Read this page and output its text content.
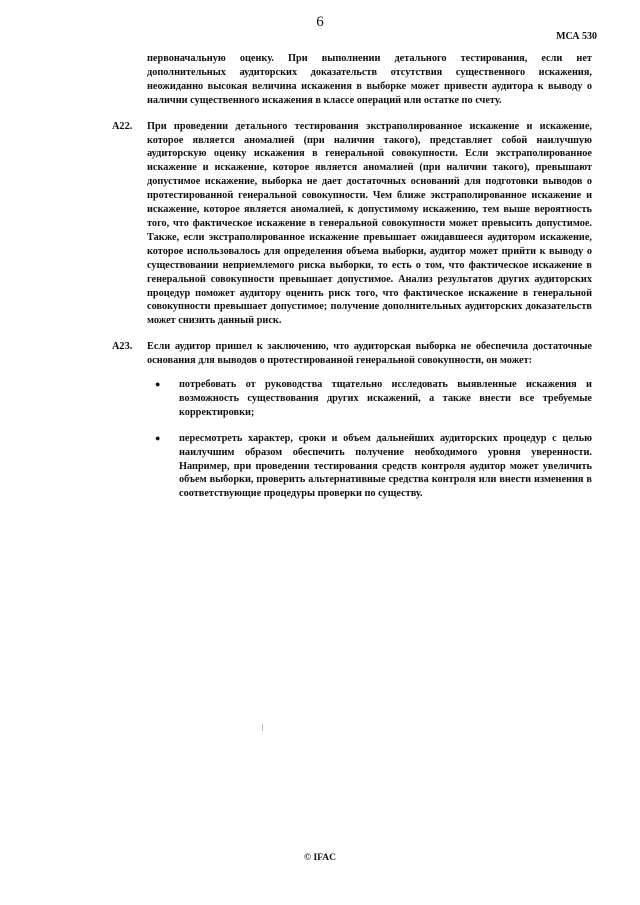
6
МСА 530

первоначальную оценку. При выполнении детального тестирования, если нет дополнительных аудиторских доказательств отсутствия существенного искажения, неожиданно высокая величина искажения в выборке может привести аудитора к выводу о наличии существенного искажения в классе операций или остатке по счету.

A22. При проведении детального тестирования экстраполированное искажение и искажение, которое является аномалией (при наличии такого), представляет собой наилучшую аудиторскую оценку искажения в генеральной совокупности. Если экстраполированное искажение и искажение, которое является аномалией (при наличии такого), превышают допустимое искажение, выборка не дает достаточных оснований для подготовки выводов о протестированной генеральной совокупности. Чем ближе экстраполированное искажение и искажение, которое является аномалией, к допустимому искажению, тем выше вероятность того, что фактическое искажение в генеральной совокупности может превысить допустимое. Также, если экстраполированное искажение превышает ожидавшееся аудитором искажение, которое использовалось для определения объема выборки, аудитор может прийти к выводу о существовании неприемлемого риска выборки, то есть о том, что фактическое искажение в генеральной совокупности превышает допустимое. Анализ результатов других аудиторских процедур поможет аудитору оценить риск того, что фактическое искажение в генеральной совокупности превышает допустимое; получение дополнительных аудиторских доказательств может снизить данный риск.

A23. Если аудитор пришел к заключению, что аудиторская выборка не обеспечила достаточные основания для выводов о протестированной генеральной совокупности, он может:

● потребовать от руководства тщательно исследовать выявленные искажения и возможность существования других искажений, а также внести все требуемые корректировки;
● пересмотреть характер, сроки и объем дальнейших аудиторских процедур с целью наилучшим образом обеспечить получение необходимого уровня уверенности. Например, при проведении тестирования средств контроля аудитор может увеличить объем выборки, проверить альтернативные средства контроля или внести изменения в соответствующие процедуры проверки по существу.
© IFAC
